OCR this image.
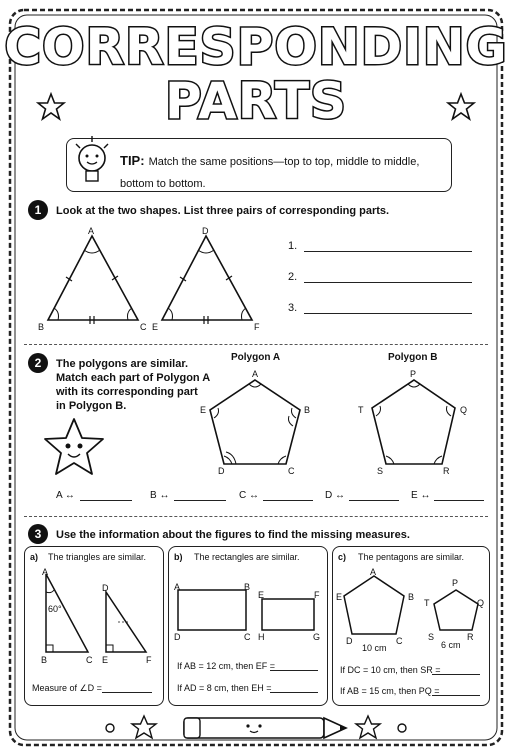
CORRESPONDING
PARTS
TIP: Match the same positions—top to top, middle to middle, bottom to bottom.
1	Look at the two shapes. List three pairs of corresponding parts.
A
B	C
D
E	F
1.
2.
3.
2	The polygons are similar.
Match each part of Polygon A
with its corresponding part
in Polygon B.
Polygon A	Polygon B
A
B
C
D
E
P
Q
R
S
T
A ↔	B ↔	C ↔	D ↔	E ↔
3	Use the information about the figures to find the missing measures.
a) The triangles are similar.
A
B	C
D
E	F
60°
Measure of ∠D =
b) The rectangles are similar.
A	B
C
D
E	F
G
H
If AB = 12 cm, then EF =
If AD = 8 cm, then EH =
c) The pentagons are similar.
A
B
C
D
E
P
Q
R
S
T
10 cm	6 cm
If DC = 10 cm, then SR =
If AB = 15 cm, then PQ =
